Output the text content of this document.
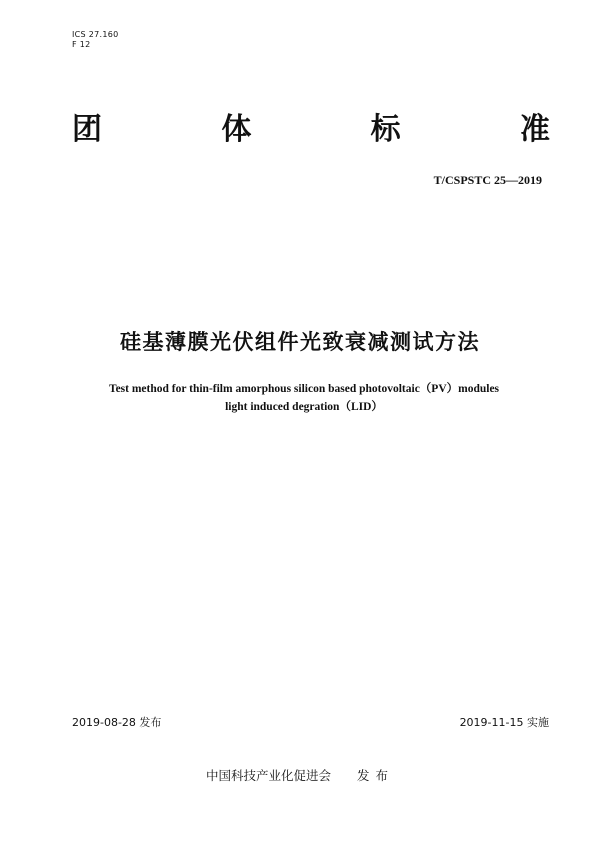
ICS 27.160
F 12
团	体	标	准
T/CSPSTC 25—2019
硅基薄膜光伏组件光致衰减测试方法
Test method for thin-film amorphous silicon based photovoltaic（PV）modules
light induced degration（LID）
2019-08-28 发布	2019-11-15 实施
中国科技产业化促进会 发布
